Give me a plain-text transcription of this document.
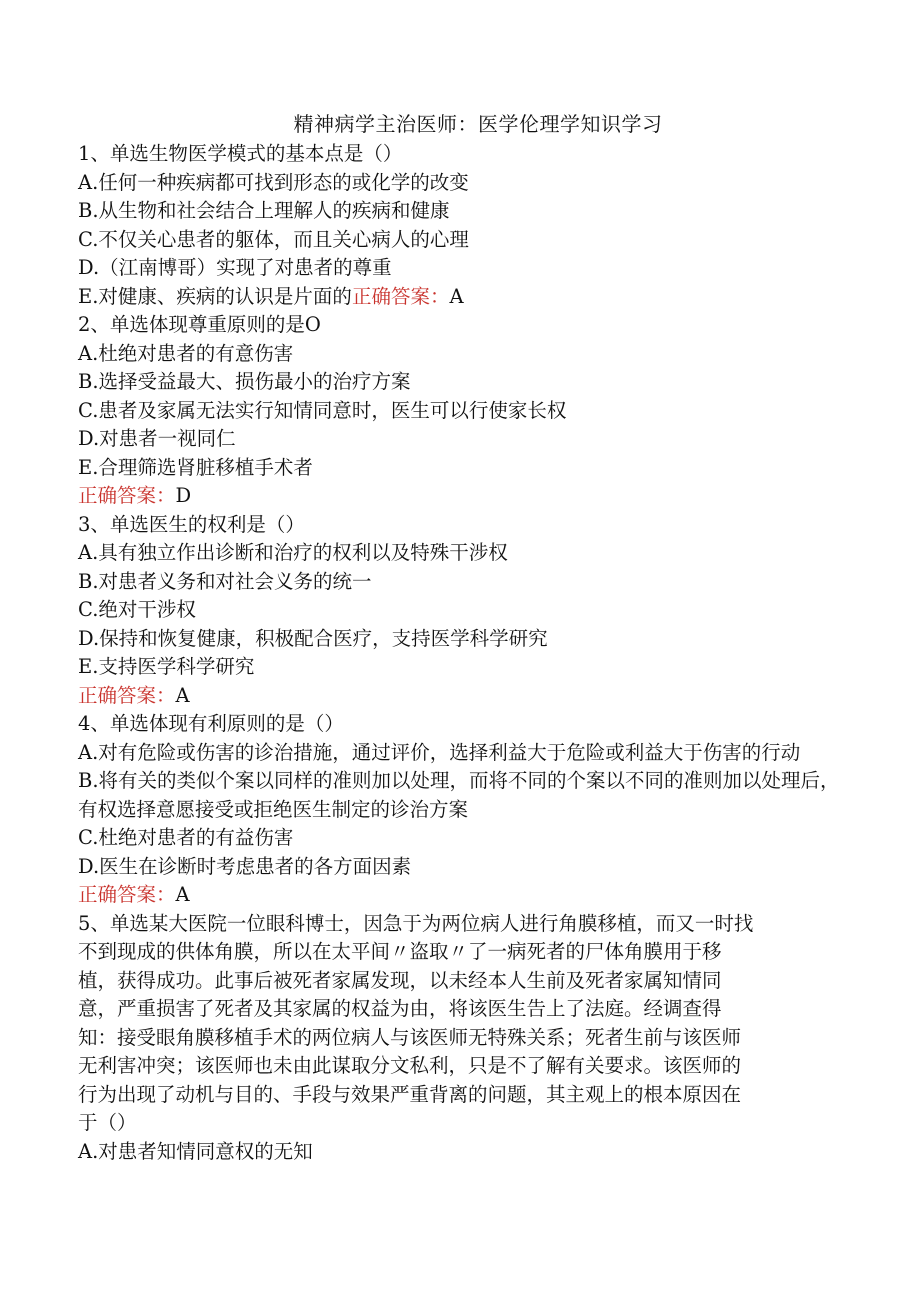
精神病学主治医师：医学伦理学知识学习
1、单选生物医学模式的基本点是（）
A.任何一种疾病都可找到形态的或化学的改变
B.从生物和社会结合上理解人的疾病和健康
C.不仅关心患者的躯体，而且关心病人的心理
D.（江南博哥）实现了对患者的尊重
E.对健康、疾病的认识是片面的正确答案：A
2、单选体现尊重原则的是O
A.杜绝对患者的有意伤害
B.选择受益最大、损伤最小的治疗方案
C.患者及家属无法实行知情同意时，医生可以行使家长权
D.对患者一视同仁
E.合理筛选肾脏移植手术者
正确答案：D
3、单选医生的权利是（）
A.具有独立作出诊断和治疗的权利以及特殊干涉权
B.对患者义务和对社会义务的统一
C.绝对干涉权
D.保持和恢复健康，积极配合医疗，支持医学科学研究
E.支持医学科学研究
正确答案：A
4、单选体现有利原则的是（）
A.对有危险或伤害的诊治措施，通过评价，选择利益大于危险或利益大于伤害的行动
B.将有关的类似个案以同样的准则加以处理，而将不同的个案以不同的准则加以处理后，有权选择意愿接受或拒绝医生制定的诊治方案
C.杜绝对患者的有益伤害
D.医生在诊断时考虑患者的各方面因素
正确答案：A
5、单选某大医院一位眼科博士，因急于为两位病人进行角膜移植，而又一时找
不到现成的供体角膜，所以在太平间〃盗取〃了一病死者的尸体角膜用于移
植，获得成功。此事后被死者家属发现，以未经本人生前及死者家属知情同
意，严重损害了死者及其家属的权益为由，将该医生告上了法庭。经调查得
知：接受眼角膜移植手术的两位病人与该医师无特殊关系；死者生前与该医师
无利害冲突；该医师也未由此谋取分文私利，只是不了解有关要求。该医师的
行为出现了动机与目的、手段与效果严重背离的问题，其主观上的根本原因在
于（）
A.对患者知情同意权的无知
